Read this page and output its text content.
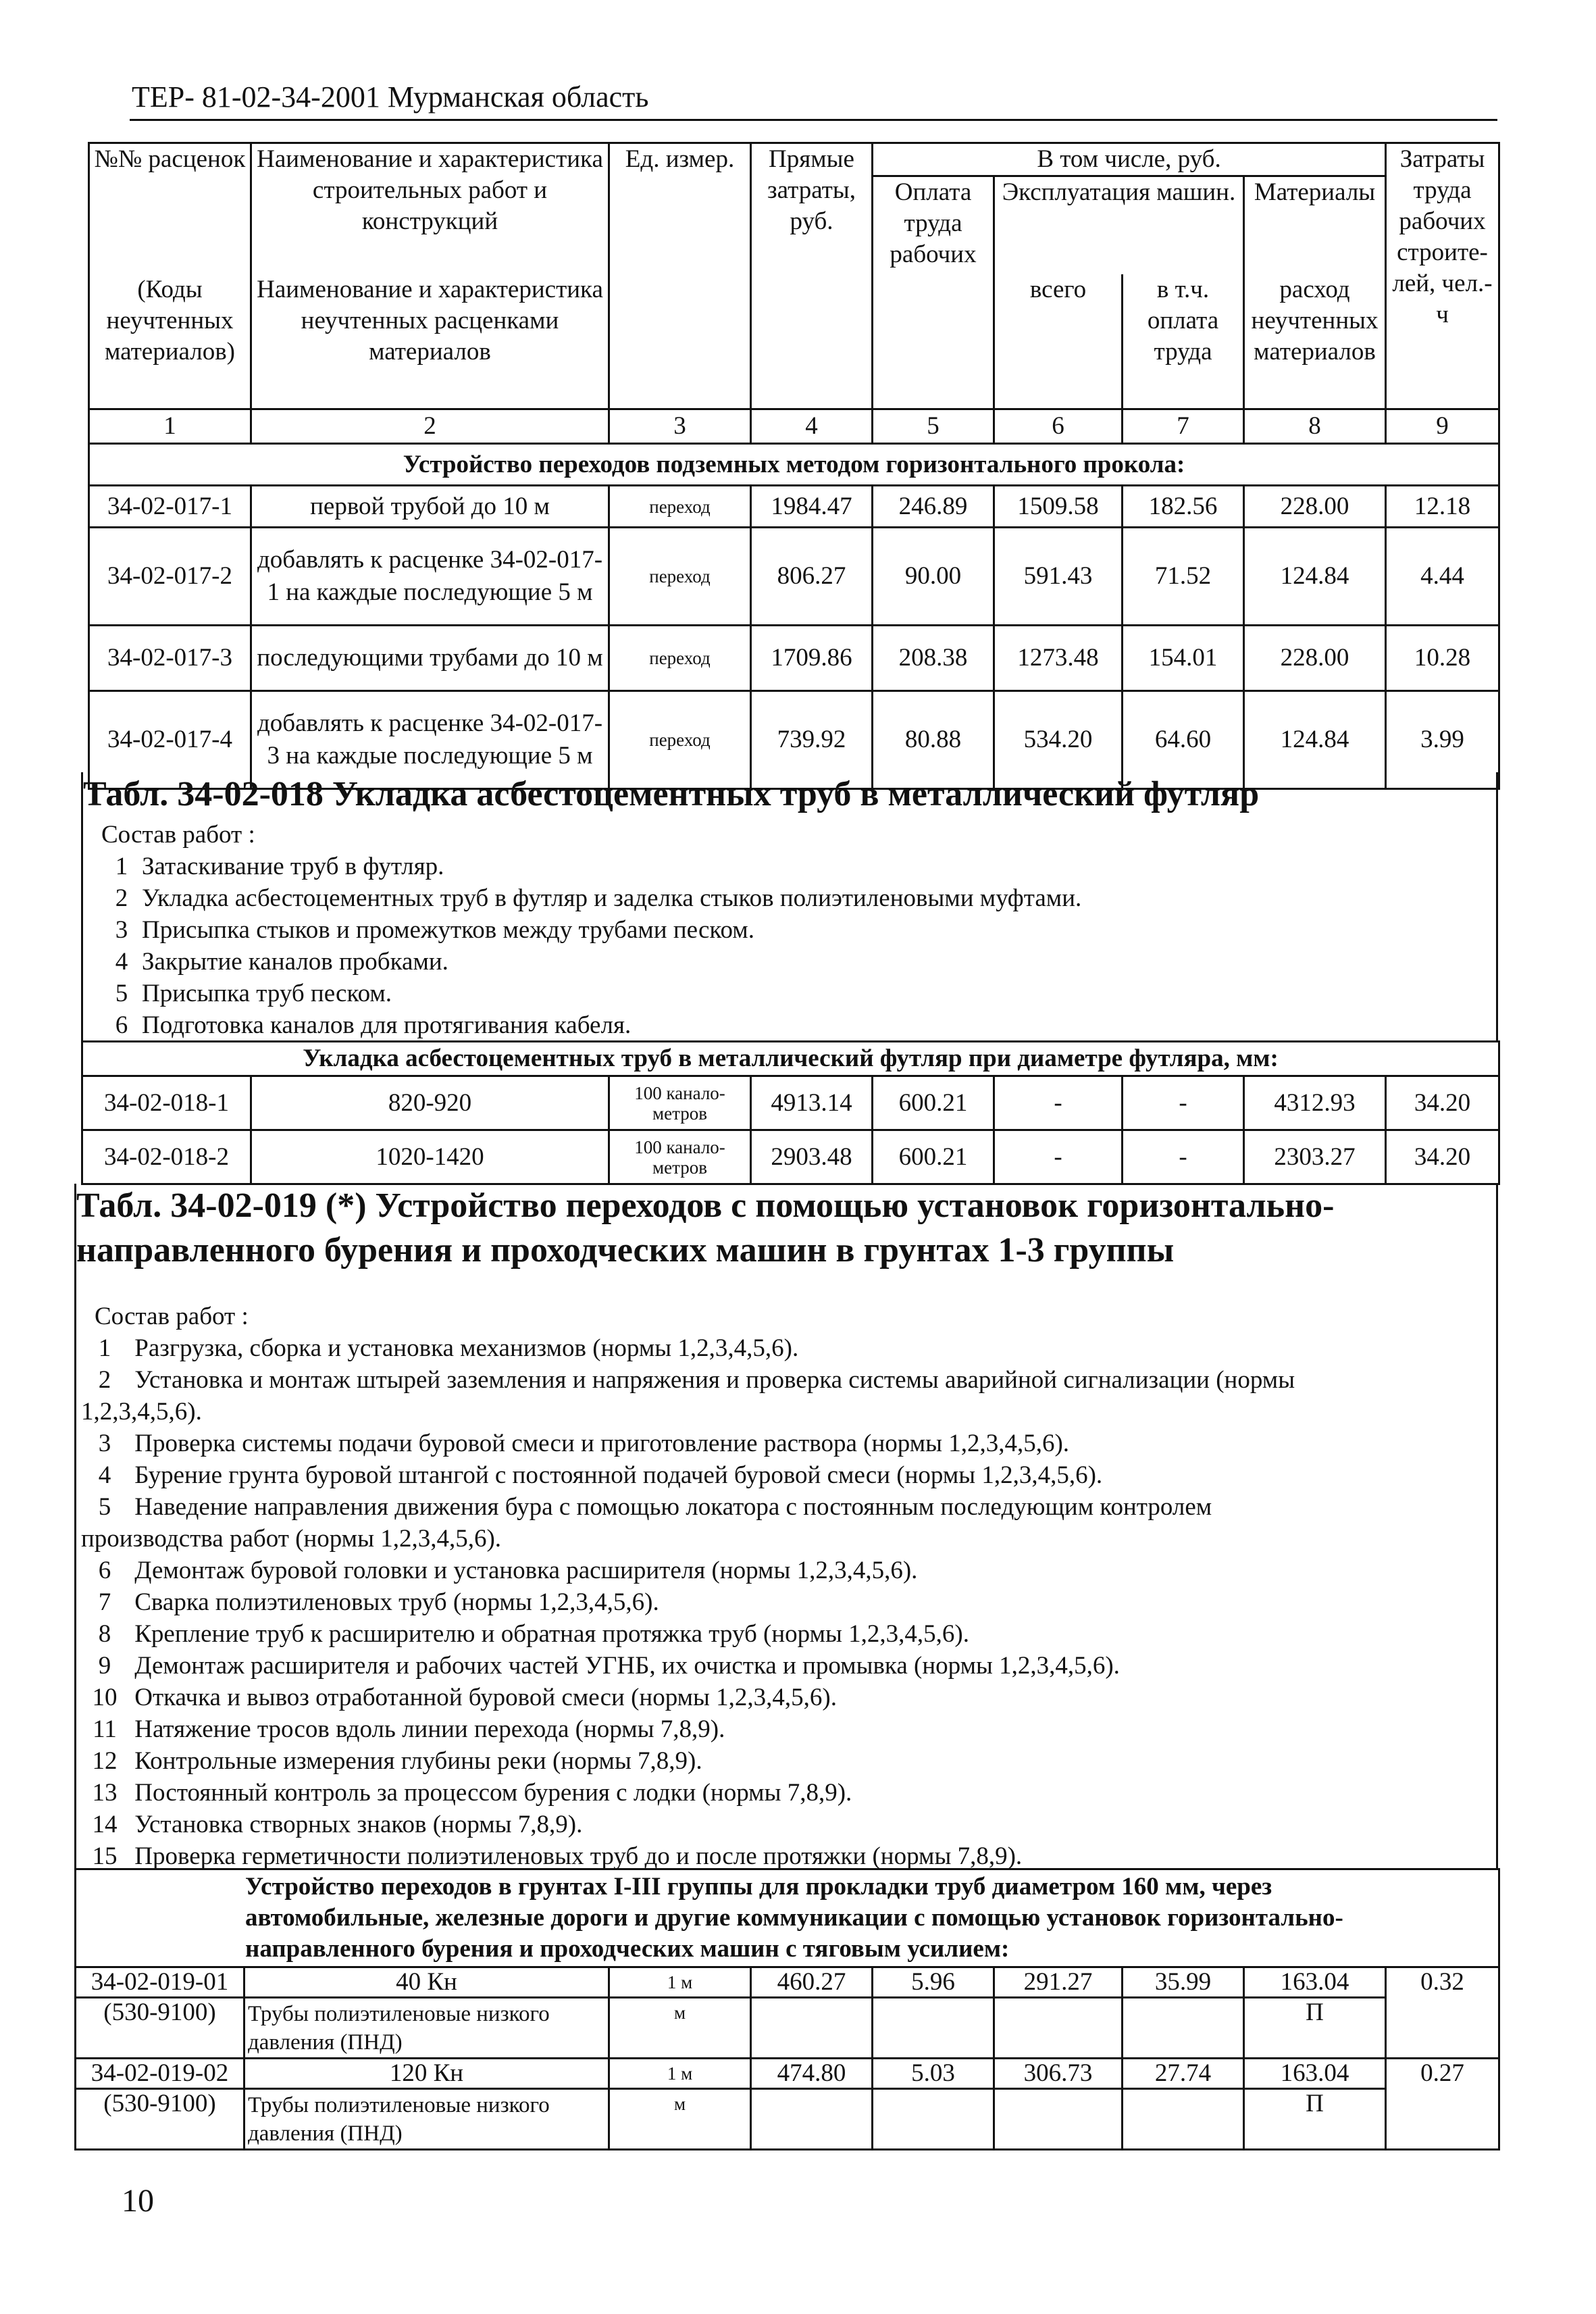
ТЕР- 81-02-34-2001 Мурманская область
№№ расценок	Наименование и характеристика строительных работ и конструкций	Ед. измер.	Прямые затраты, руб.	В том числе, руб.				Затраты труда рабочих строите-лей, чел.-ч
				Оплата труда рабочих	Эксплуатация машин.		Материалы	
(Коды неучтенных материалов)	Наименование и характеристика неучтенных расценками материалов				всего	в т.ч. оплата труда	расход неучтенных материалов	
1	2	3	4	5	6	7	8	9
Устройство переходов подземных методом горизонтального прокола:								
34-02-017-1	первой трубой до 10 м	переход	1984.47	246.89	1509.58	182.56	228.00	12.18
34-02-017-2	добавлять к расценке 34-02-017-1 на каждые последующие 5 м	переход	806.27	90.00	591.43	71.52	124.84	4.44
34-02-017-3	последующими трубами до 10 м	переход	1709.86	208.38	1273.48	154.01	228.00	10.28
34-02-017-4	добавлять к расценке 34-02-017-3 на каждые последующие 5 м	переход	739.92	80.88	534.20	64.60	124.84	3.99
Табл. 34-02-018 Укладка асбестоцементных труб в металлический футляр
Состав работ :
1 Затаскивание труб в футляр.
2 Укладка асбестоцементных труб в футляр и заделка стыков полиэтиленовыми муфтами.
3 Присыпка стыков и промежутков между трубами песком.
4 Закрытие каналов пробками.
5 Присыпка труб песком.
6 Подготовка каналов для протягивания кабеля.
Укладка асбестоцементных труб в металлический футляр при диаметре футляра, мм:								
34-02-018-1	820-920	100 канало-метров	4913.14	600.21	-	-	4312.93	34.20
34-02-018-2	1020-1420	100 канало-метров	2903.48	600.21	-	-	2303.27	34.20
Табл. 34-02-019 (*) Устройство переходов с помощью установок горизонтально-
направленного бурения и проходческих машин в грунтах 1-3 группы
Состав работ :
1 Разгрузка, сборка и установка механизмов (нормы 1,2,3,4,5,6).
2 Установка и монтаж штырей заземления и напряжения и проверка системы аварийной сигнализации (нормы
1,2,3,4,5,6).
3 Проверка системы подачи буровой смеси и приготовление раствора (нормы 1,2,3,4,5,6).
4 Бурение грунта буровой штангой с постоянной подачей буровой смеси (нормы 1,2,3,4,5,6).
5 Наведение направления движения бура с помощью локатора с постоянным последующим контролем
производства работ (нормы 1,2,3,4,5,6).
6 Демонтаж буровой головки и установка расширителя (нормы 1,2,3,4,5,6).
7 Сварка полиэтиленовых труб (нормы 1,2,3,4,5,6).
8 Крепление труб к расширителю и обратная протяжка труб (нормы 1,2,3,4,5,6).
9 Демонтаж расширителя и рабочих частей УГНБ, их очистка и промывка (нормы 1,2,3,4,5,6).
10 Откачка и вывоз отработанной буровой смеси (нормы 1,2,3,4,5,6).
11 Натяжение тросов вдоль линии перехода (нормы 7,8,9).
12 Контрольные измерения глубины реки (нормы 7,8,9).
13 Постоянный контроль за процессом бурения с лодки (нормы 7,8,9).
14 Установка створных знаков (нормы 7,8,9).
15 Проверка герметичности полиэтиленовых труб до и после протяжки (нормы 7,8,9).
Устройство переходов в грунтах I-III группы для прокладки труб диаметром 160 мм, через
автомобильные, железные дороги и другие коммуникации с помощью установок горизонтально-
направленного бурения и проходческих машин с тяговым усилием:								

34-02-019-01	40 Кн	1 м	460.27	5.96	291.27	35.99	163.04	0.32
(530-9100)	Трубы полиэтиленовые низкого давления (ПНД)	м					П	
34-02-019-02	120 Кн	1 м	474.80	5.03	306.73	27.74	163.04	0.27
(530-9100)	Трубы полиэтиленовые низкого давления (ПНД)	м					П	
10
